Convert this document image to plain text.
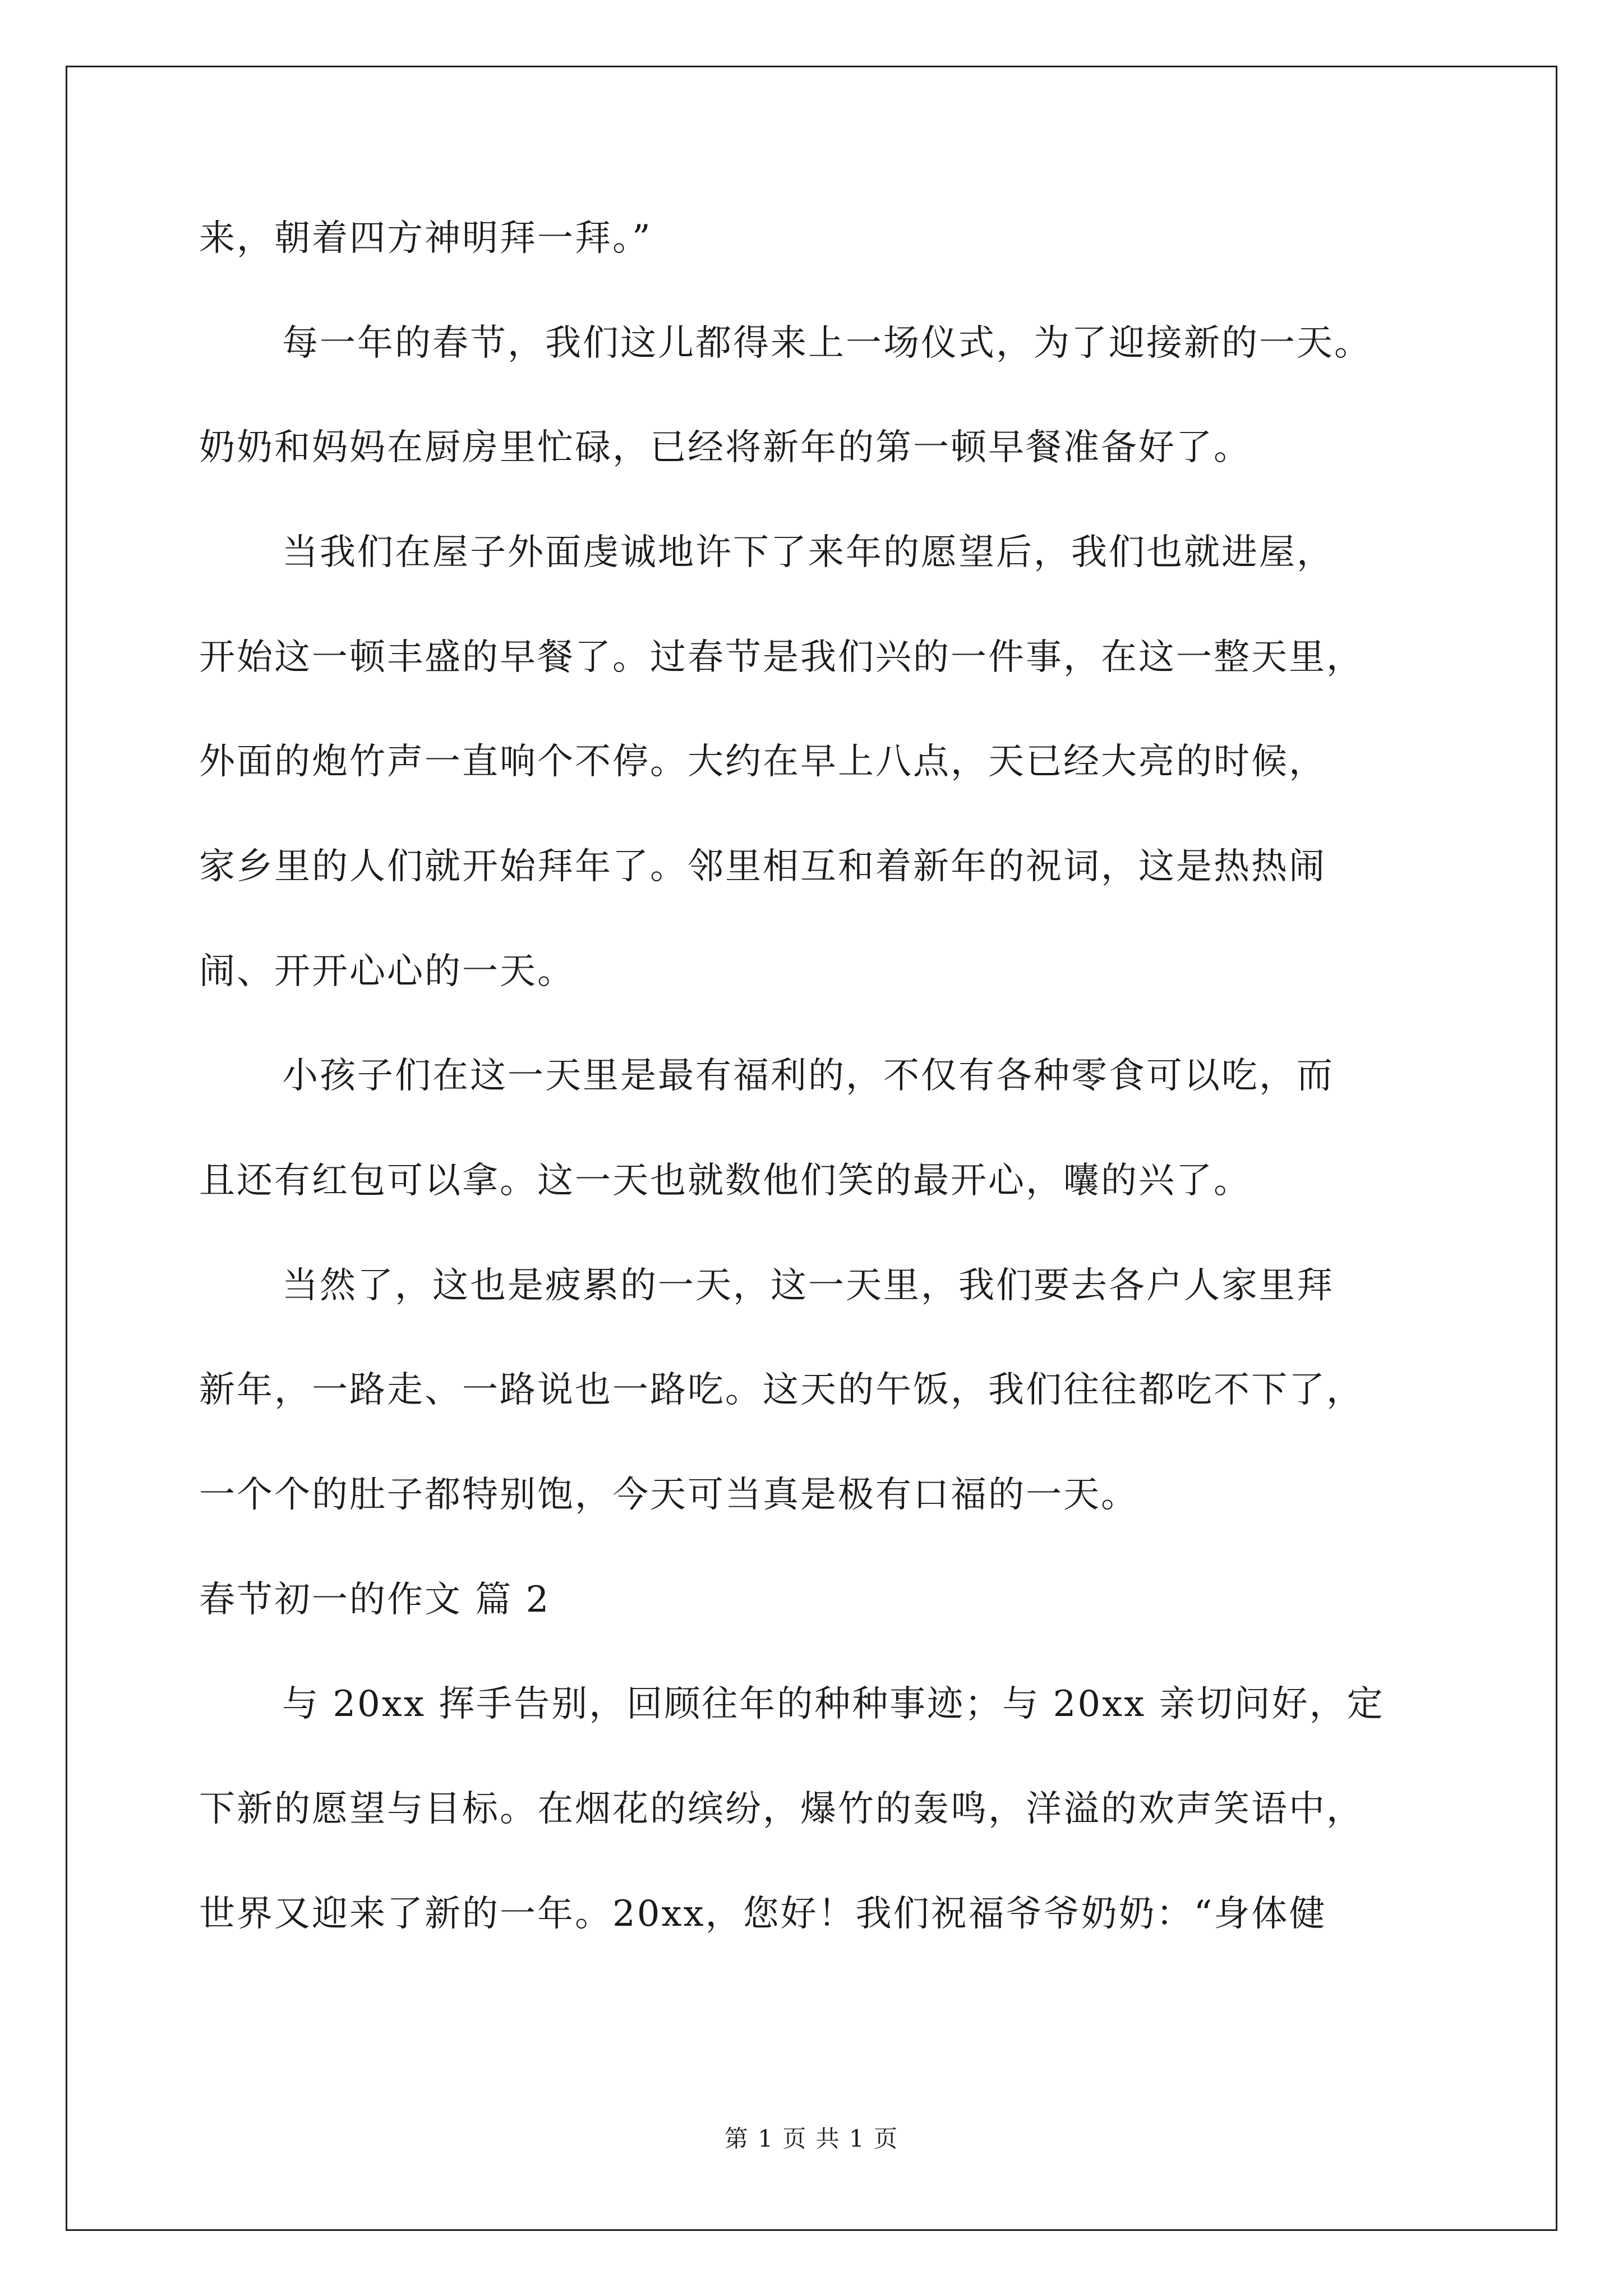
来，朝着四方神明拜一拜。”
每一年的春节，我们这儿都得来上一场仪式，为了迎接新的一天。
奶奶和妈妈在厨房里忙碌，已经将新年的第一顿早餐准备好了。
当我们在屋子外面虔诚地许下了来年的愿望后，我们也就进屋，
开始这一顿丰盛的早餐了。过春节是我们兴的一件事，在这一整天里，
外面的炮竹声一直响个不停。大约在早上八点，天已经大亮的时候，
家乡里的人们就开始拜年了。邻里相互和着新年的祝词，这是热热闹
闹、开开心心的一天。
小孩子们在这一天里是最有福利的，不仅有各种零食可以吃，而
且还有红包可以拿。这一天也就数他们笑的最开心，囔的兴了。
当然了，这也是疲累的一天，这一天里，我们要去各户人家里拜
新年，一路走、一路说也一路吃。这天的午饭，我们往往都吃不下了，
一个个的肚子都特别饱，今天可当真是极有口福的一天。
春节初一的作文 篇 2
与 20xx 挥手告别，回顾往年的种种事迹；与 20xx 亲切问好，定
下新的愿望与目标。在烟花的缤纷，爆竹的轰鸣，洋溢的欢声笑语中，
世界又迎来了新的一年。20xx，您好！我们祝福爷爷奶奶：“身体健
第 1 页 共 1 页
